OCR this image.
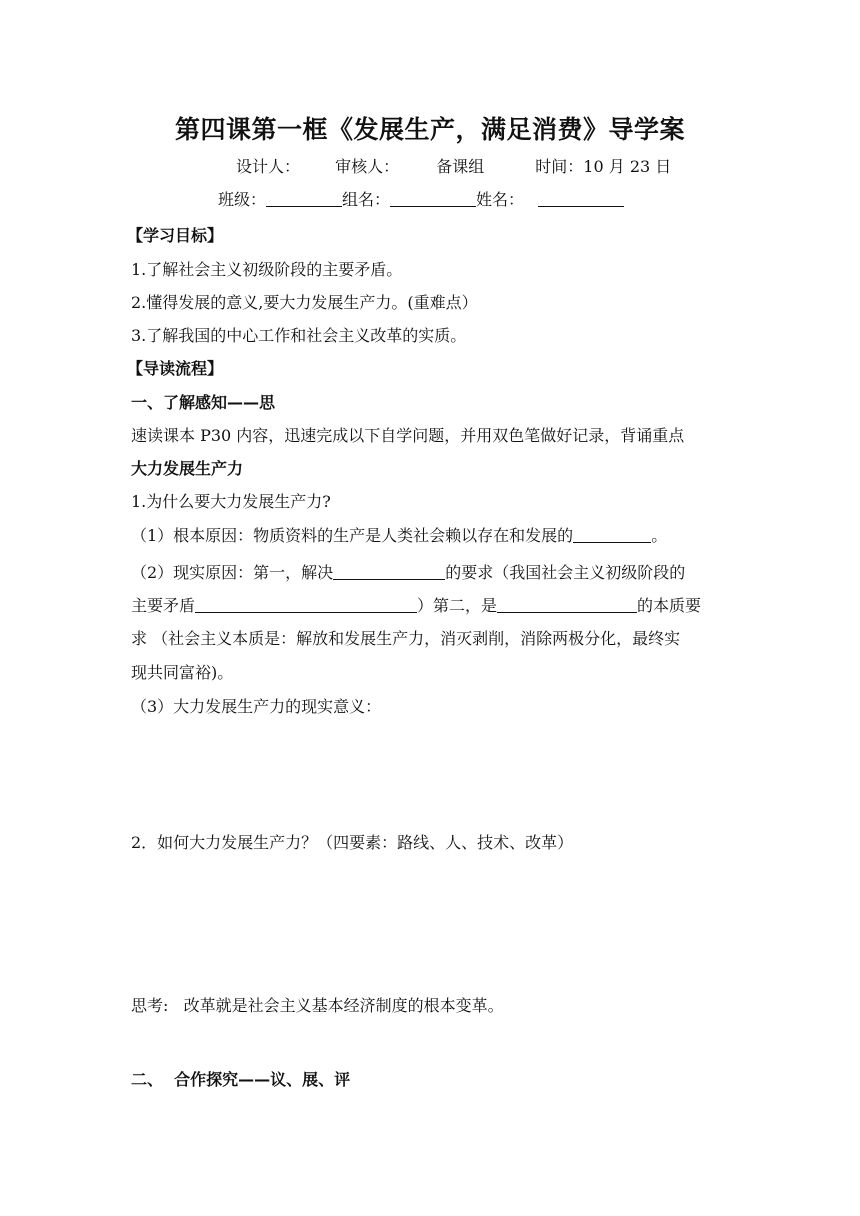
第四课第一框《发展生产，满足消费》导学案
设计人： 审核人： 备课组	时间：10 月 23 日
班级：	组名：	姓名：
【学习目标】
1.了解社会主义初级阶段的主要矛盾。
2.懂得发展的意义,要大力发展生产力。(重难点）
3.了解我国的中心工作和社会主义改革的实质。
【导读流程】
一、了解感知——思
速读课本 P30 内容，迅速完成以下自学问题，并用双色笔做好记录，背诵重点
大力发展生产力
1.为什么要大力发展生产力?
（1）根本原因：物质资料的生产是人类社会赖以存在和发展的	。
（2）现实原因：第一，解决	的要求（我国社会主义初级阶段的
主要矛盾	）第二，是	的本质要
求 （社会主义本质是：解放和发展生产力，消灭剥削，消除两极分化，最终实
现共同富裕)。
（3）大力发展生产力的现实意义：
2．如何大力发展生产力？（四要素：路线、人、技术、改革）
思考:   改革就是社会主义基本经济制度的根本变革。
二、  合作探究——议、展、评
